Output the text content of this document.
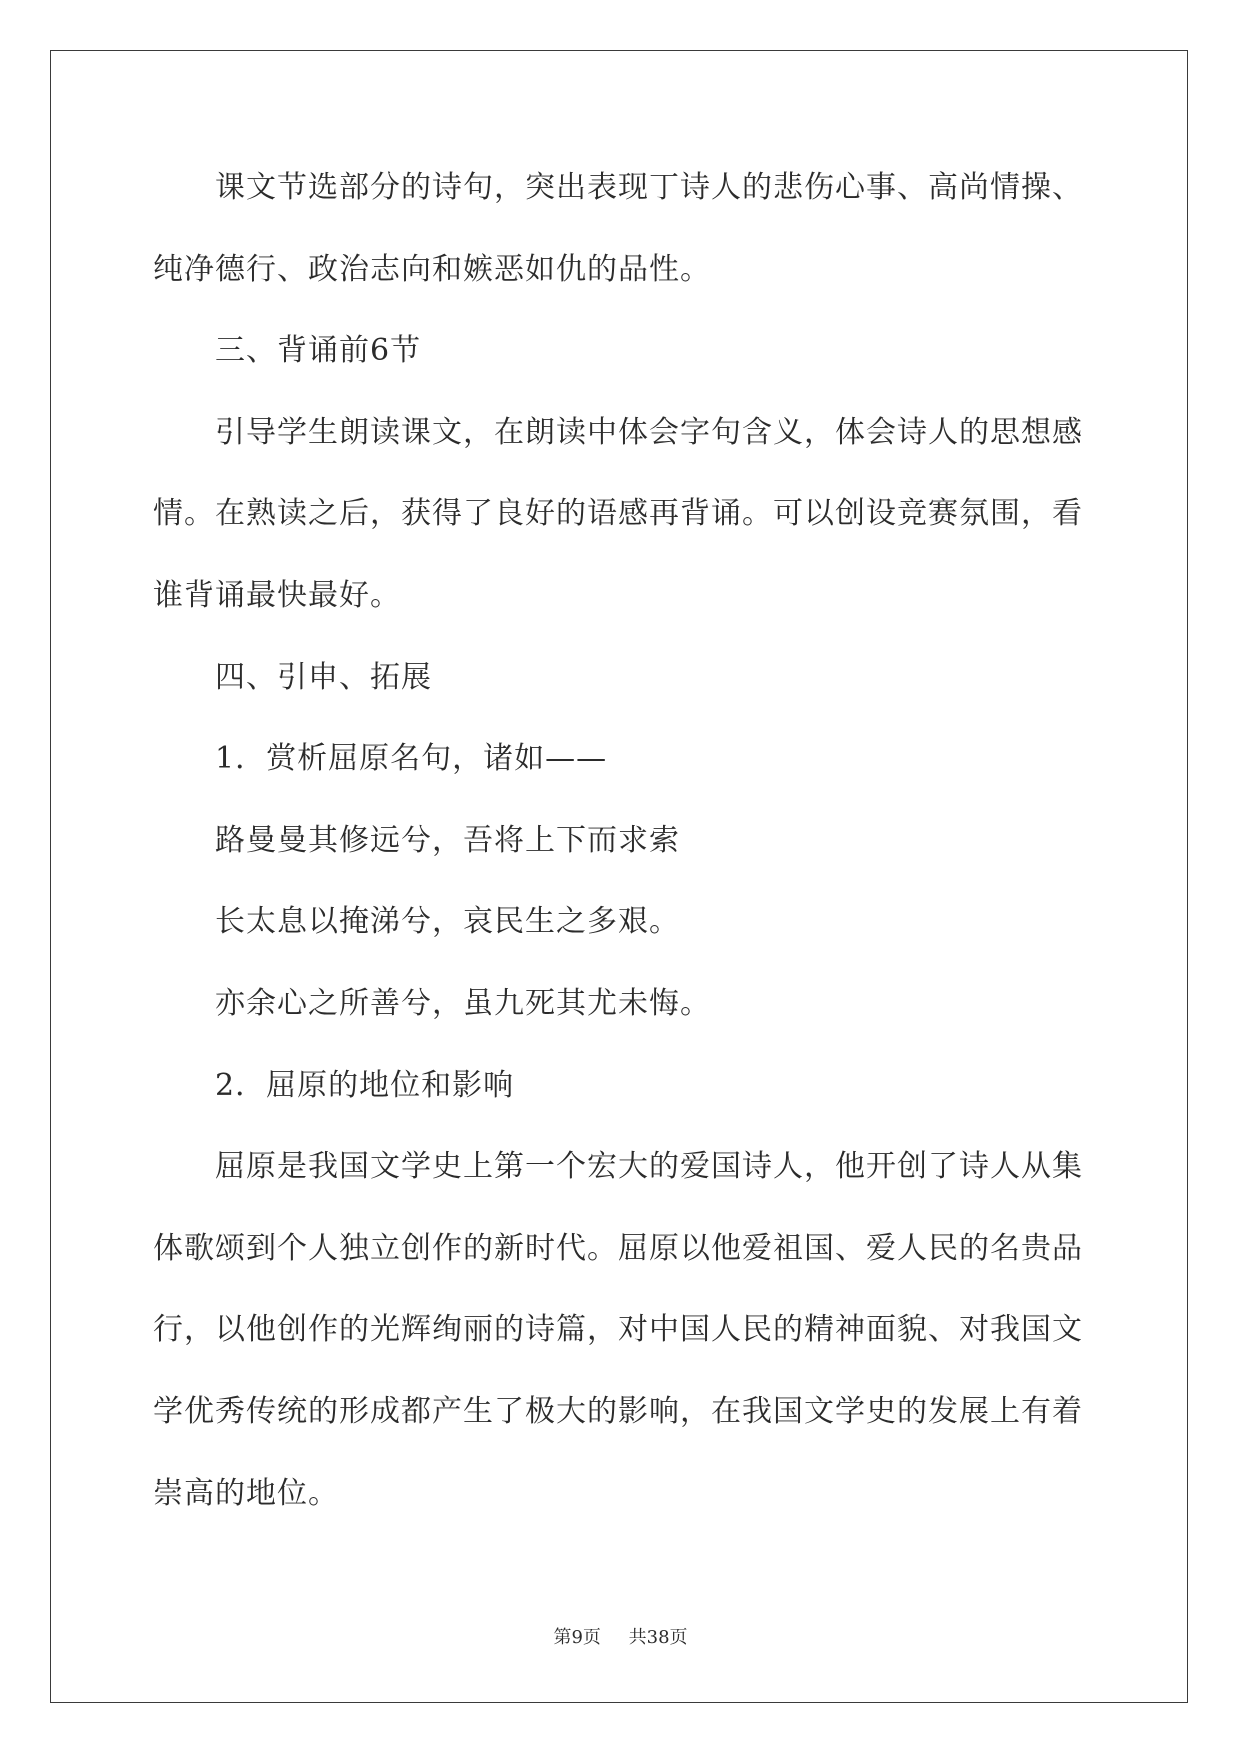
课文节选部分的诗句，突出表现丁诗人的悲伤心事、高尚情操、
纯净德行、政治志向和嫉恶如仇的品性。
三、背诵前6节
引导学生朗读课文，在朗读中体会字句含义，体会诗人的思想感
情。在熟读之后，获得了良好的语感再背诵。可以创设竞赛氛围，看
谁背诵最快最好。
四、引申、拓展
1．赏析屈原名句，诸如——
路曼曼其修远兮，吾将上下而求索
长太息以掩涕兮，哀民生之多艰。
亦余心之所善兮，虽九死其尤未悔。
2．屈原的地位和影响
屈原是我国文学史上第一个宏大的爱国诗人，他开创了诗人从集
体歌颂到个人独立创作的新时代。屈原以他爱祖国、爱人民的名贵品
行，以他创作的光辉绚丽的诗篇，对中国人民的精神面貌、对我国文
学优秀传统的形成都产生了极大的影响，在我国文学史的发展上有着
崇高的地位。
第9页 共38页
